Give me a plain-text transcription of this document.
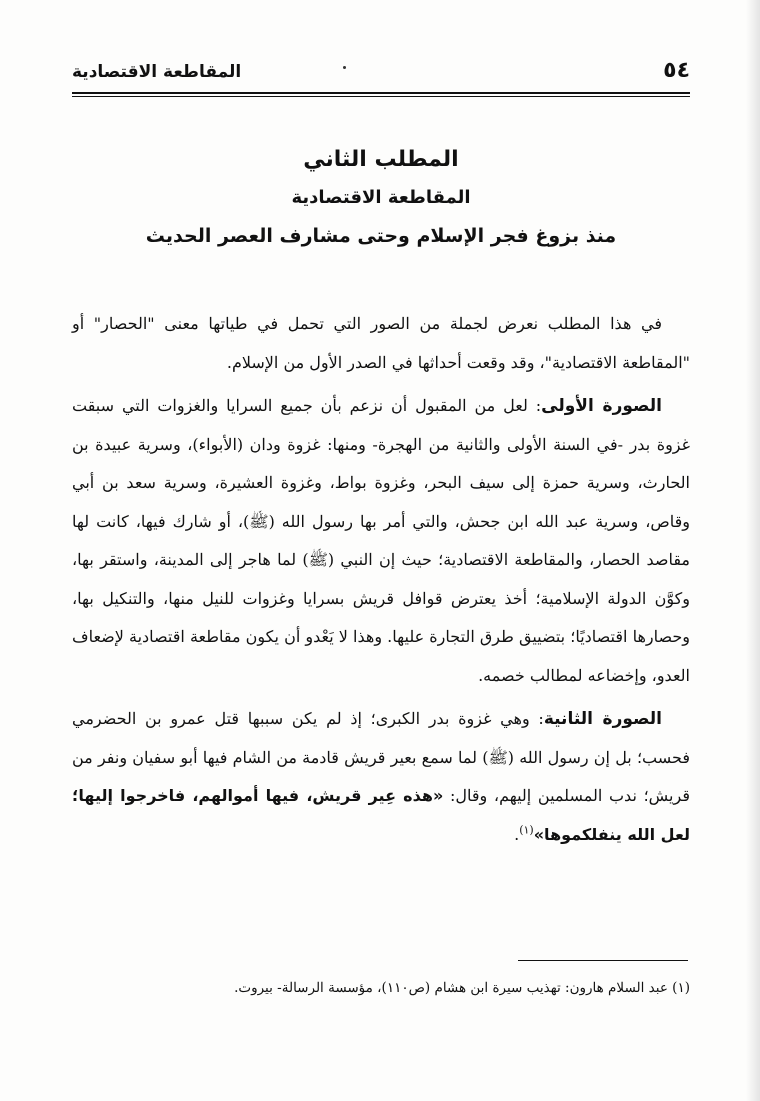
المقاطعة الاقتصادية	٥٤
المطلب الثاني
المقاطعة الاقتصادية
منذ بزوغ فجر الإسلام وحتى مشارف العصر الحديث

في هذا المطلب نعرض لجملة من الصور التي تحمل في طياتها معنى "الحصار" أو "المقاطعة الاقتصادية"، وقد وقعت أحداثها في الصدر الأول من الإسلام.

الصورة الأولى: لعل من المقبول أن نزعم بأن جميع السرايا والغزوات التي سبقت غزوة بدر -في السنة الأولى والثانية من الهجرة- ومنها: غزوة ودان (الأبواء)، وسرية عبيدة بن الحارث، وسرية حمزة إلى سيف البحر، وغزوة بواط، وغزوة العشيرة، وسرية سعد بن أبي وقاص، وسرية عبد الله ابن جحش، والتي أمر بها رسول الله (ﷺ)، أو شارك فيها، كانت لها مقاصد الحصار، والمقاطعة الاقتصادية؛ حيث إن النبي (ﷺ) لما هاجر إلى المدينة، واستقر بها، وكوَّن الدولة الإسلامية؛ أخذ يعترض قوافل قريش بسرايا وغزوات للنيل منها، والتنكيل بها، وحصارها اقتصاديًا؛ بتضييق طرق التجارة عليها. وهذا لا يَعْدو أن يكون مقاطعة اقتصادية لإضعاف العدو، وإخضاعه لمطالب خصمه.

الصورة الثانية: وهي غزوة بدر الكبرى؛ إذ لم يكن سببها قتل عمرو بن الحضرمي فحسب؛ بل إن رسول الله (ﷺ) لما سمع بعير قريش قادمة من الشام فيها أبو سفيان ونفر من قريش؛ ندب المسلمين إليهم، وقال: «هذه عِير قريش، فيها أموالهم، فاخرجوا إليها؛ لعل الله ينفلكموها»$^{(١)}$.

(١) عبد السلام هارون: تهذيب سيرة ابن هشام (ص١١٠)، مؤسسة الرسالة- بيروت.
